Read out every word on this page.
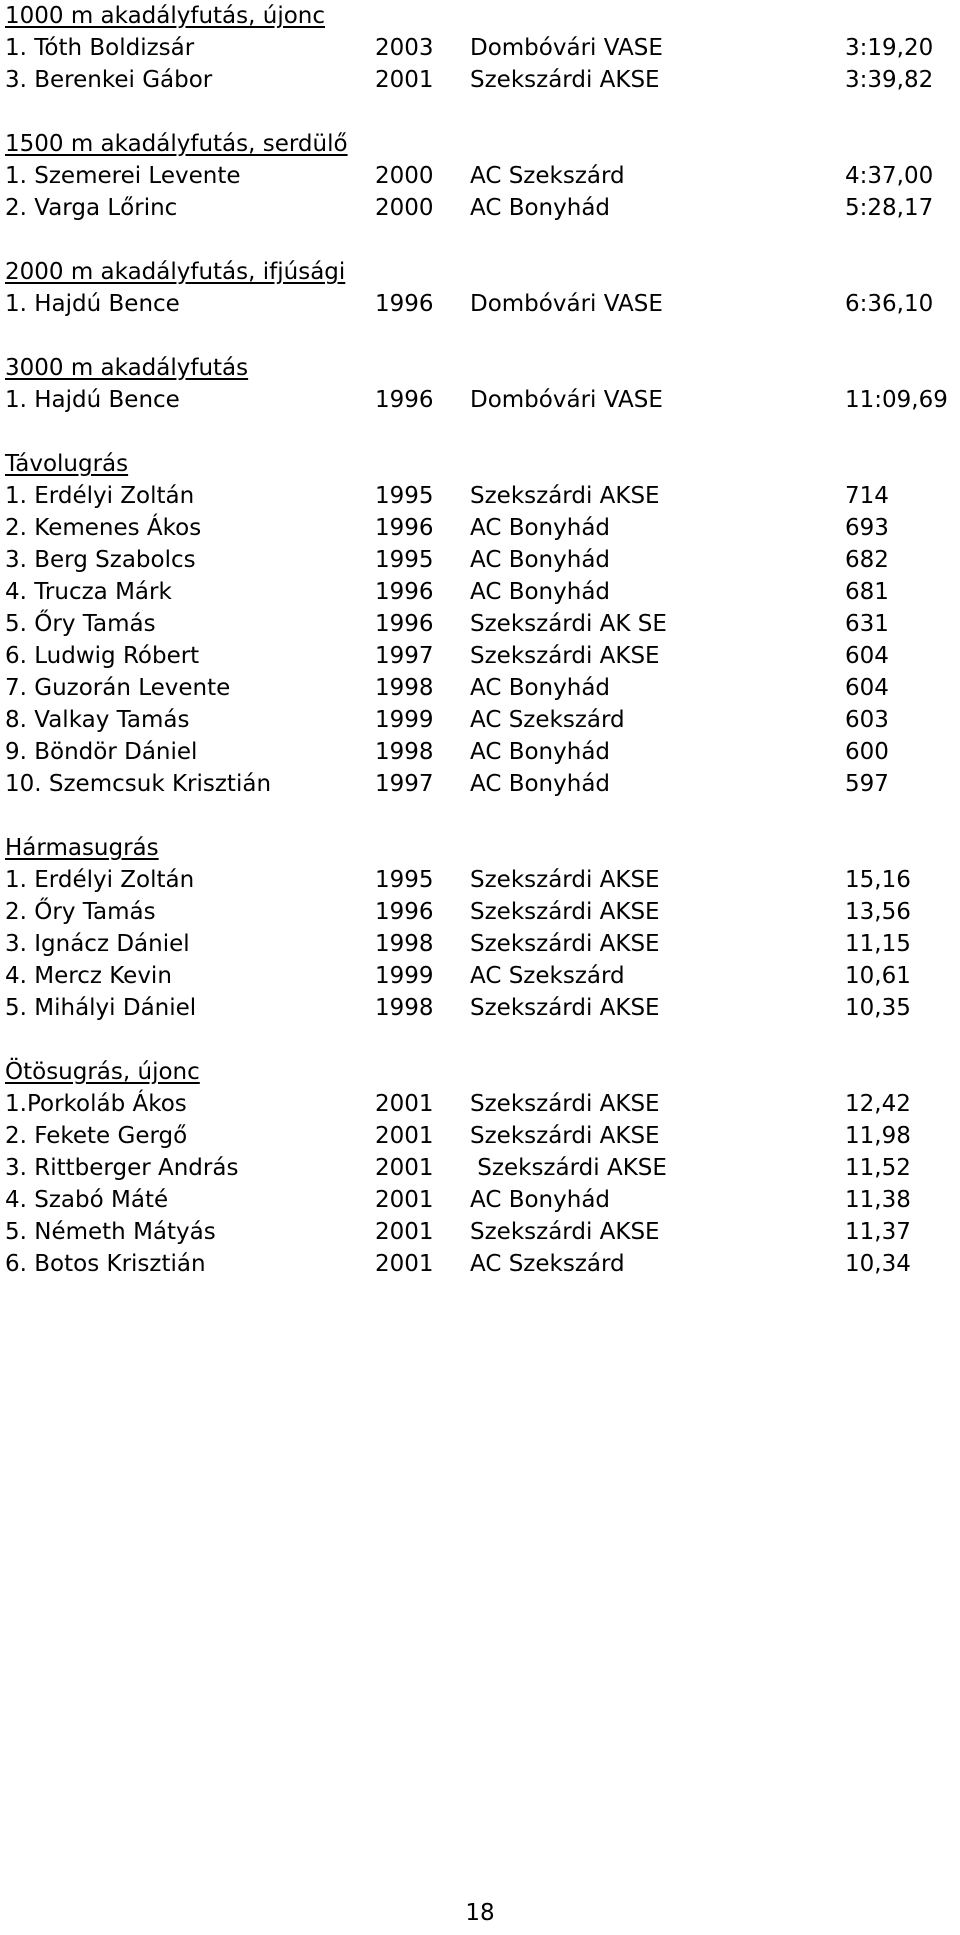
1000 m akadályfutás, újonc
1. Tóth Boldizsár	2003 Dombóvári VASE	3:19,20
3. Berenkei Gábor	2001 Szekszárdi AKSE	3:39,82
1500 m akadályfutás, serdülő
1. Szemerei Levente	2000 AC Szekszárd	4:37,00
2. Varga Lőrinc	2000 AC Bonyhád	5:28,17
2000 m akadályfutás, ifjúsági
1. Hajdú Bence	1996 Dombóvári VASE	6:36,10
3000 m akadályfutás
1. Hajdú Bence	1996 Dombóvári VASE	11:09,69
Távolugrás
1. Erdélyi Zoltán	1995 Szekszárdi AKSE	714
2. Kemenes Ákos	1996 AC Bonyhád	693
3. Berg Szabolcs	1995 AC Bonyhád	682
4. Trucza Márk	1996 AC Bonyhád	681
5. Őry Tamás	1996 Szekszárdi AK SE	631
6. Ludwig Róbert	1997 Szekszárdi AKSE	604
7. Guzorán Levente	1998 AC Bonyhád	604
8. Valkay Tamás	1999 AC Szekszárd	603
9. Böndör Dániel	1998 AC Bonyhád	600
10. Szemcsuk Krisztián	1997 AC Bonyhád	597
Hármasugrás
1. Erdélyi Zoltán	1995 Szekszárdi AKSE	15,16
2. Őry Tamás	1996 Szekszárdi AKSE	13,56
3. Ignácz Dániel	1998 Szekszárdi AKSE	11,15
4. Mercz Kevin	1999 AC Szekszárd	10,61
5. Mihályi Dániel	1998 Szekszárdi AKSE	10,35
Ötösugrás, újonc
1.Porkoláb Ákos	2001 Szekszárdi AKSE	12,42
2. Fekete Gergő	2001 Szekszárdi AKSE	11,98
3. Rittberger András	2001 Szekszárdi AKSE	11,52
4. Szabó Máté	2001 AC Bonyhád	11,38
5. Németh Mátyás	2001 Szekszárdi AKSE	11,37
6. Botos Krisztián	2001 AC Szekszárd	10,34
18
